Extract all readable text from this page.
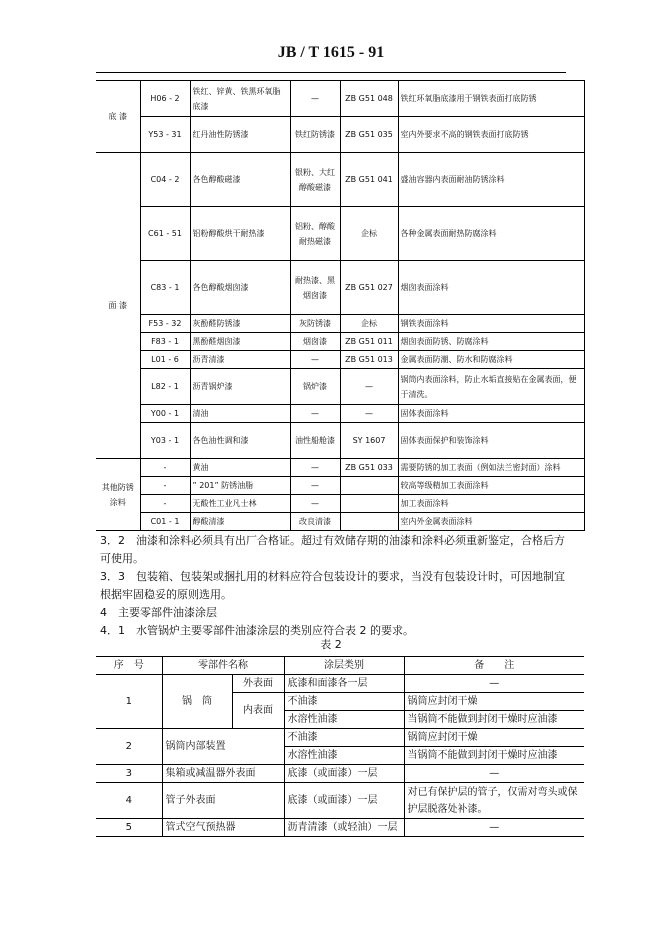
JB / T 1615 - 91
底 漆	H06 - 2	铁红、锌黄、铁黑环氧脂底漆	—	ZB G51 048	铁红环氧脂底漆用于钢铁表面打底防锈
	Y53 - 31	红丹油性防锈漆	铁红防锈漆	ZB G51 035	室内外要求不高的钢铁表面打底防锈
面 漆	C04 - 2	各色醇酸磁漆	银粉、大红醇酸磁漆	ZB G51 041	盛油容器内表面耐油防锈涂料
	C61 - 51	铝粉醇酸烘干耐热漆	铝粉、醇酸耐热磁漆	企标	各种金属表面耐热防腐涂料
	C83 - 1	各色醇酸烟囱漆	耐热漆、黑烟囱漆	ZB G51 027	烟囱表面涂料
	F53 - 32	灰酚醛防锈漆	灰防锈漆	企标	钢铁表面涂料
	F83 - 1	黑酚醛烟囱漆	烟囱漆	ZB G51 011	烟囱表面防锈、防腐涂料
	L01 - 6	沥青清漆	—	ZB G51 013	金属表面防潮、防水和防腐涂料
	L82 - 1	沥青锅炉漆	锅炉漆	—	锅筒内表面涂料，防止水垢直接贴在金属表面，便于清洗。
	Y00 - 1	清油	—	—	固体表面涂料
	Y03 - 1	各色油性调和漆	油性船舱漆	SY 1607	固体表面保护和装饰涂料
其他防锈涂料	-	黄油	—	ZB G51 033	需要防锈的加工表面（例如法兰密封面）涂料
	-	” 201” 防锈油脂	—		较高等级精加工表面涂料
	-	无酸性工业凡士林	—		加工表面涂料
	C01 - 1	醇酸清漆	改良清漆		室内外金属表面涂料
3．2　油漆和涂料必须具有出厂合格证。超过有效储存期的油漆和涂料必须重新鉴定，合格后方可使用。
3．3　包装箱、包装架或捆扎用的材料应符合包装设计的要求，当没有包装设计时，可因地制宜根据牢固稳妥的原则选用。
4　主要零部件油漆涂层
4．1　水管锅炉主要零部件油漆涂层的类别应符合表 2 的要求。
表 2
序　号	零部件名称		涂层类别	备　　注
1	锅　筒	外表面	底漆和面漆各一层	—
		内表面	不油漆	锅筒应封闭干燥
			水溶性油漆	当锅筒不能做到封闭干燥时应油漆
2	锅筒内部装置		不油漆	锅筒应封闭干燥
			水溶性油漆	当锅筒不能做到封闭干燥时应油漆
3	集箱或减温器外表面		底漆（或面漆）一层	—
4	管子外表面		底漆（或面漆）一层	对已有保护层的管子，仅需对弯头或保护层脱落处补漆。
5	管式空气预热器		沥青清漆（或轻油）一层	—
